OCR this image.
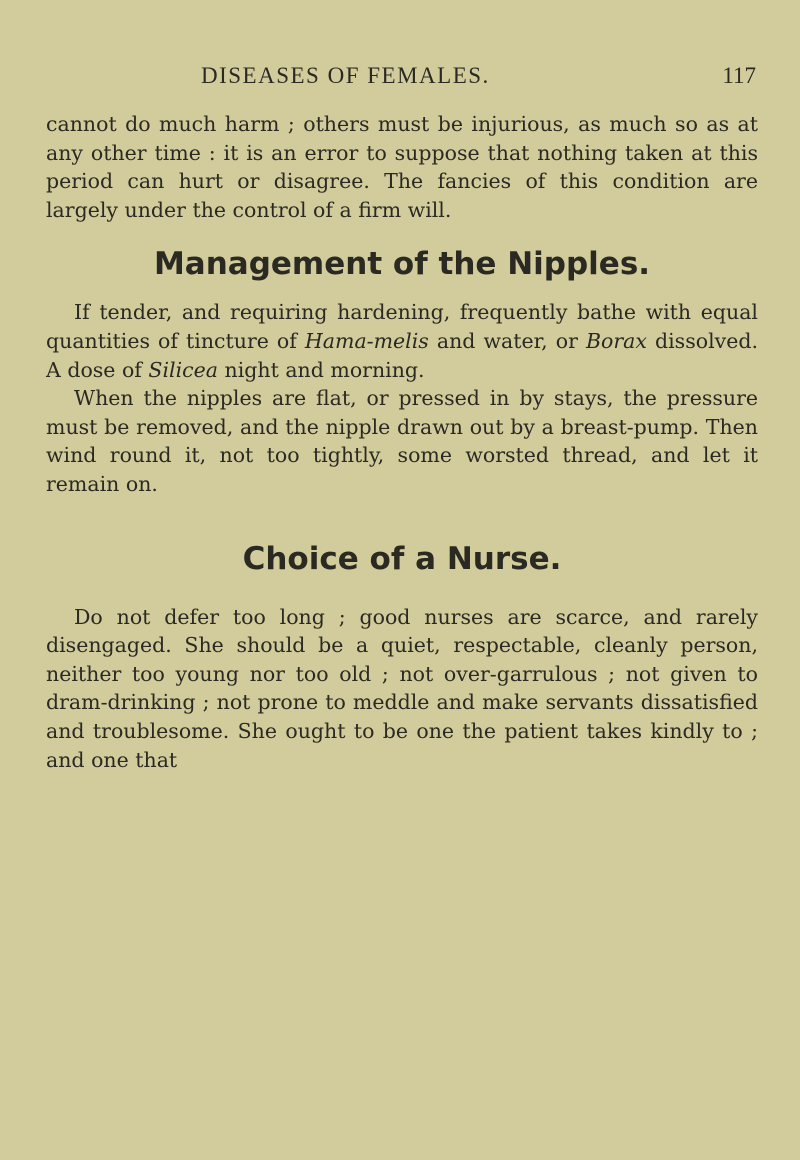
DISEASES OF FEMALES.	117

cannot do much harm ; others must be injurious, as much so as at any other time : it is an error to suppose that nothing taken at this period can hurt or disagree. The fancies of this condition are largely under the control of a firm will.

Management of the Nipples.

If tender, and requiring hardening, frequently bathe with equal quantities of tincture of Hama-melis and water, or Borax dissolved. A dose of Silicea night and morning.

When the nipples are flat, or pressed in by stays, the pressure must be removed, and the nipple drawn out by a breast-pump. Then wind round it, not too tightly, some worsted thread, and let it remain on.

Choice of a Nurse.

Do not defer too long ; good nurses are scarce, and rarely disengaged. She should be a quiet, respectable, cleanly person, neither too young nor too old ; not over-garrulous ; not given to dram-drinking ; not prone to meddle and make servants dissatisfied and troublesome. She ought to be one the patient takes kindly to ; and one that
